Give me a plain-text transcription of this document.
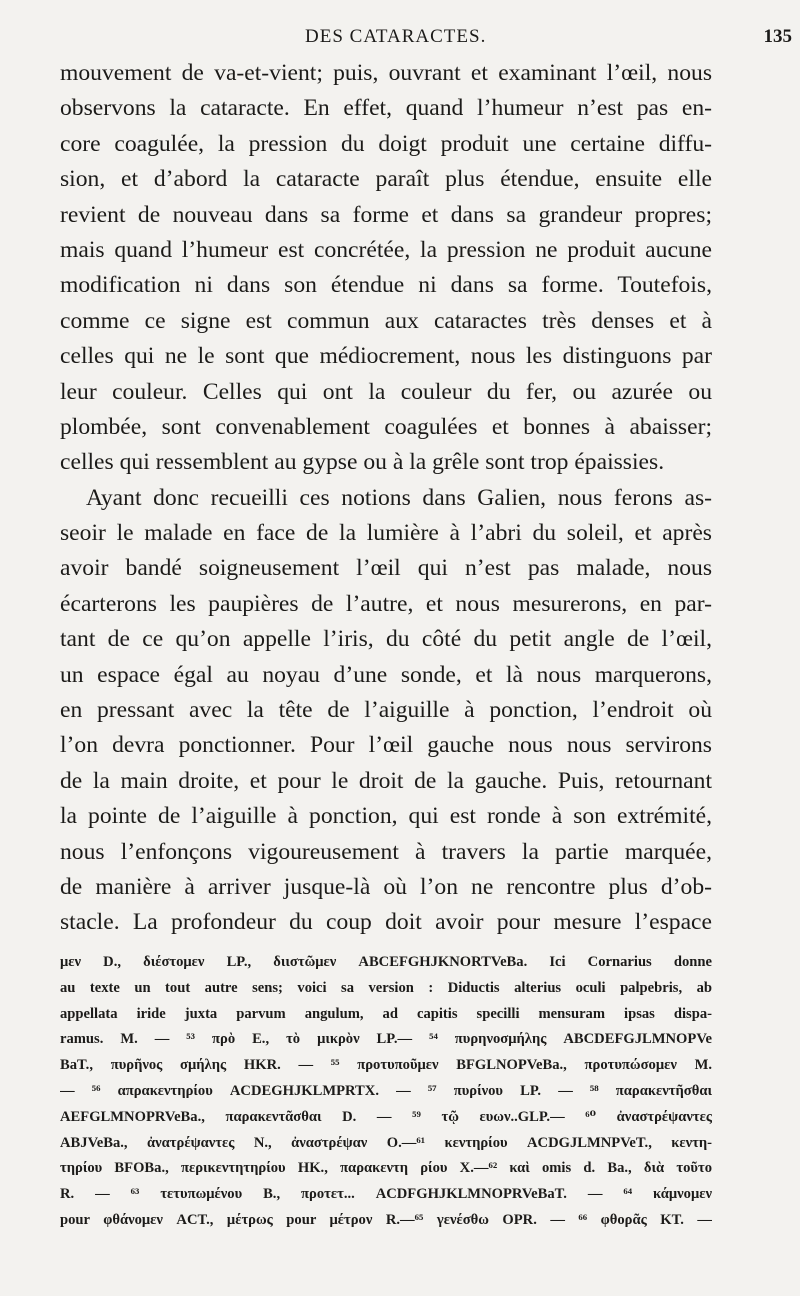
DES CATARACTES.	135
mouvement de va-et-vient; puis, ouvrant et examinant l’œil, nous
observons la cataracte. En effet, quand l’humeur n’est pas en-
core coagulée, la pression du doigt produit une certaine diffu-
sion, et d’abord la cataracte paraît plus étendue, ensuite elle
revient de nouveau dans sa forme et dans sa grandeur propres;
mais quand l’humeur est concrétée, la pression ne produit aucune
modification ni dans son étendue ni dans sa forme. Toutefois,
comme ce signe est commun aux cataractes très denses et à
celles qui ne le sont que médiocrement, nous les distinguons par
leur couleur. Celles qui ont la couleur du fer, ou azurée ou
plombée, sont convenablement coagulées et bonnes à abaisser;
celles qui ressemblent au gypse ou à la grêle sont trop épaissies.
Ayant donc recueilli ces notions dans Galien, nous ferons as-
seoir le malade en face de la lumière à l’abri du soleil, et après
avoir bandé soigneusement l’œil qui n’est pas malade, nous
écarterons les paupières de l’autre, et nous mesurerons, en par-
tant de ce qu’on appelle l’iris, du côté du petit angle de l’œil,
un espace égal au noyau d’une sonde, et là nous marquerons,
en pressant avec la tête de l’aiguille à ponction, l’endroit où
l’on devra ponctionner. Pour l’œil gauche nous nous servirons
de la main droite, et pour le droit de la gauche. Puis, retournant
la pointe de l’aiguille à ponction, qui est ronde à son extrémité,
nous l’enfonçons vigoureusement à travers la partie marquée,
de manière à arriver jusque-là où l’on ne rencontre plus d’ob-
stacle. La profondeur du coup doit avoir pour mesure l’espace
μεν D., διέστομεν LP., διιστῶμεν ABCEFGHJKNORTVeBa. Ici Cornarius donne
au texte un tout autre sens; voici sa version : Diductis alterius oculi palpebris, ab
appellata iride juxta parvum angulum, ad capitis specilli mensuram ipsas dispa-
ramus. M. — ⁵³ πρὸ E., τὸ μικρὸν LP.— ⁵⁴ πυρηνοσμήλης ABCDEFGJLMNOPVe
BaT., πυρῆνος σμήλης HKR. — ⁵⁵ προτυποῦμεν BFGLNOPVeBa., προτυπώσομεν M.
— ⁵⁶ απρακεντηρίου ACDEGHJKLMPRTX. — ⁵⁷ πυρίνου LP. — ⁵⁸ παρακεντῆσθαι
AEFGLMNOPRVeBa., παρακεντᾶσθαι D. — ⁵⁹ τῷ ευων..GLP.— ⁶⁰ ἀναστρέψαντες
ABJVeBa., ἀνατρέψαντες N., ἀναστρέψαν O.—⁶¹ κεντηρίου ACDGJLMNPVeT., κεντη-
τηρίου BFOBa., περικεντητηρίου HK., παρακεντη ρίου X.—⁶² καὶ omis d. Ba., διὰ τοῦτο
R. — ⁶³ τετυπωμένου B., προτετ... ACDFGHJKLMNOPRVeBaT. — ⁶⁴ κάμνομεν
pour φθάνομεν ACT., μέτρως pour μέτρον R.—⁶⁵ γενέσθω OPR. — ⁶⁶ φθορᾶς KT. —
